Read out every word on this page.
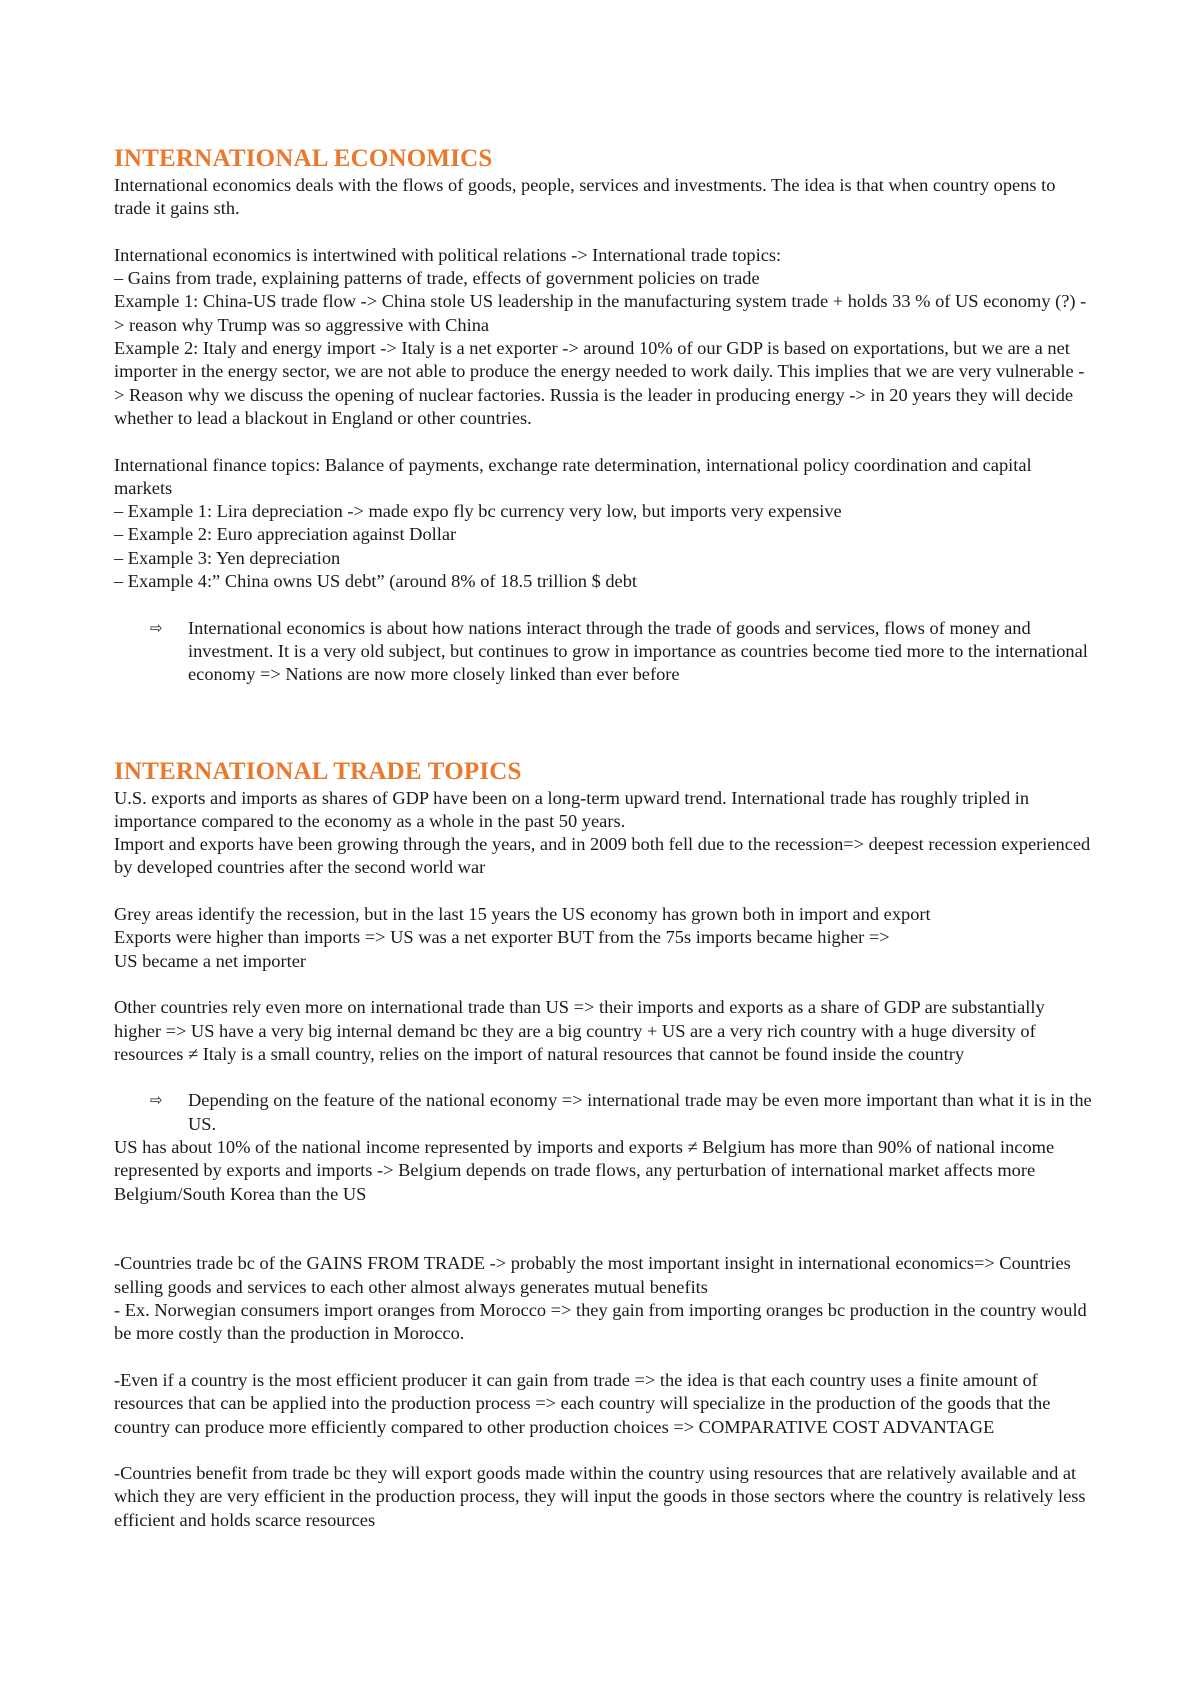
INTERNATIONAL ECONOMICS

International economics deals with the flows of goods, people, services and investments. The idea is that when country opens to trade it gains sth.

International economics is intertwined with political relations -> International trade topics:

– Gains from trade, explaining patterns of trade, effects of government policies on trade

Example 1: China-US trade flow -> China stole US leadership in the manufacturing system trade + holds 33 % of US economy (?) -> reason why Trump was so aggressive with China

Example 2: Italy and energy import -> Italy is a net exporter -> around 10% of our GDP is based on exportations, but we are a net importer in the energy sector, we are not able to produce the energy needed to work daily. This implies that we are very vulnerable -> Reason why we discuss the opening of nuclear factories. Russia is the leader in producing energy -> in 20 years they will decide whether to lead a blackout in England or other countries.

International finance topics: Balance of payments, exchange rate determination, international policy coordination and capital markets

– Example 1: Lira depreciation -> made expo fly bc currency very low, but imports very expensive

– Example 2: Euro appreciation against Dollar

– Example 3: Yen depreciation

– Example 4:” China owns US debt” (around 8% of 18.5 trillion $ debt

⇨ International economics is about how nations interact through the trade of goods and services, flows of money and investment. It is a very old subject, but continues to grow in importance as countries become tied more to the international economy => Nations are now more closely linked than ever before
INTERNATIONAL TRADE TOPICS

U.S. exports and imports as shares of GDP have been on a long-term upward trend. International trade has roughly tripled in importance compared to the economy as a whole in the past 50 years.

Import and exports have been growing through the years, and in 2009 both fell due to the recession=> deepest recession experienced by developed countries after the second world war

Grey areas identify the recession, but in the last 15 years the US economy has grown both in import and export

Exports were higher than imports => US was a net exporter BUT from the 75s imports became higher =>

US became a net importer

Other countries rely even more on international trade than US => their imports and exports as a share of GDP are substantially higher => US have a very big internal demand bc they are a big country + US are a very rich country with a huge diversity of resources ≠ Italy is a small country, relies on the import of natural resources that cannot be found inside the country

⇨ Depending on the feature of the national economy => international trade may be even more important than what it is in the US.

US has about 10% of the national income represented by imports and exports ≠ Belgium has more than 90% of national income represented by exports and imports -> Belgium depends on trade flows, any perturbation of international market affects more Belgium/South Korea than the US

-Countries trade bc of the GAINS FROM TRADE -> probably the most important insight in international economics=> Countries selling goods and services to each other almost always generates mutual benefits

- Ex. Norwegian consumers import oranges from Morocco => they gain from importing oranges bc production in the country would be more costly than the production in Morocco.

-Even if a country is the most efficient producer it can gain from trade => the idea is that each country uses a finite amount of resources that can be applied into the production process => each country will specialize in the production of the goods that the country can produce more efficiently compared to other production choices => COMPARATIVE COST ADVANTAGE

-Countries benefit from trade bc they will export goods made within the country using resources that are relatively available and at which they are very efficient in the production process, they will input the goods in those sectors where the country is relatively less efficient and holds scarce resources
